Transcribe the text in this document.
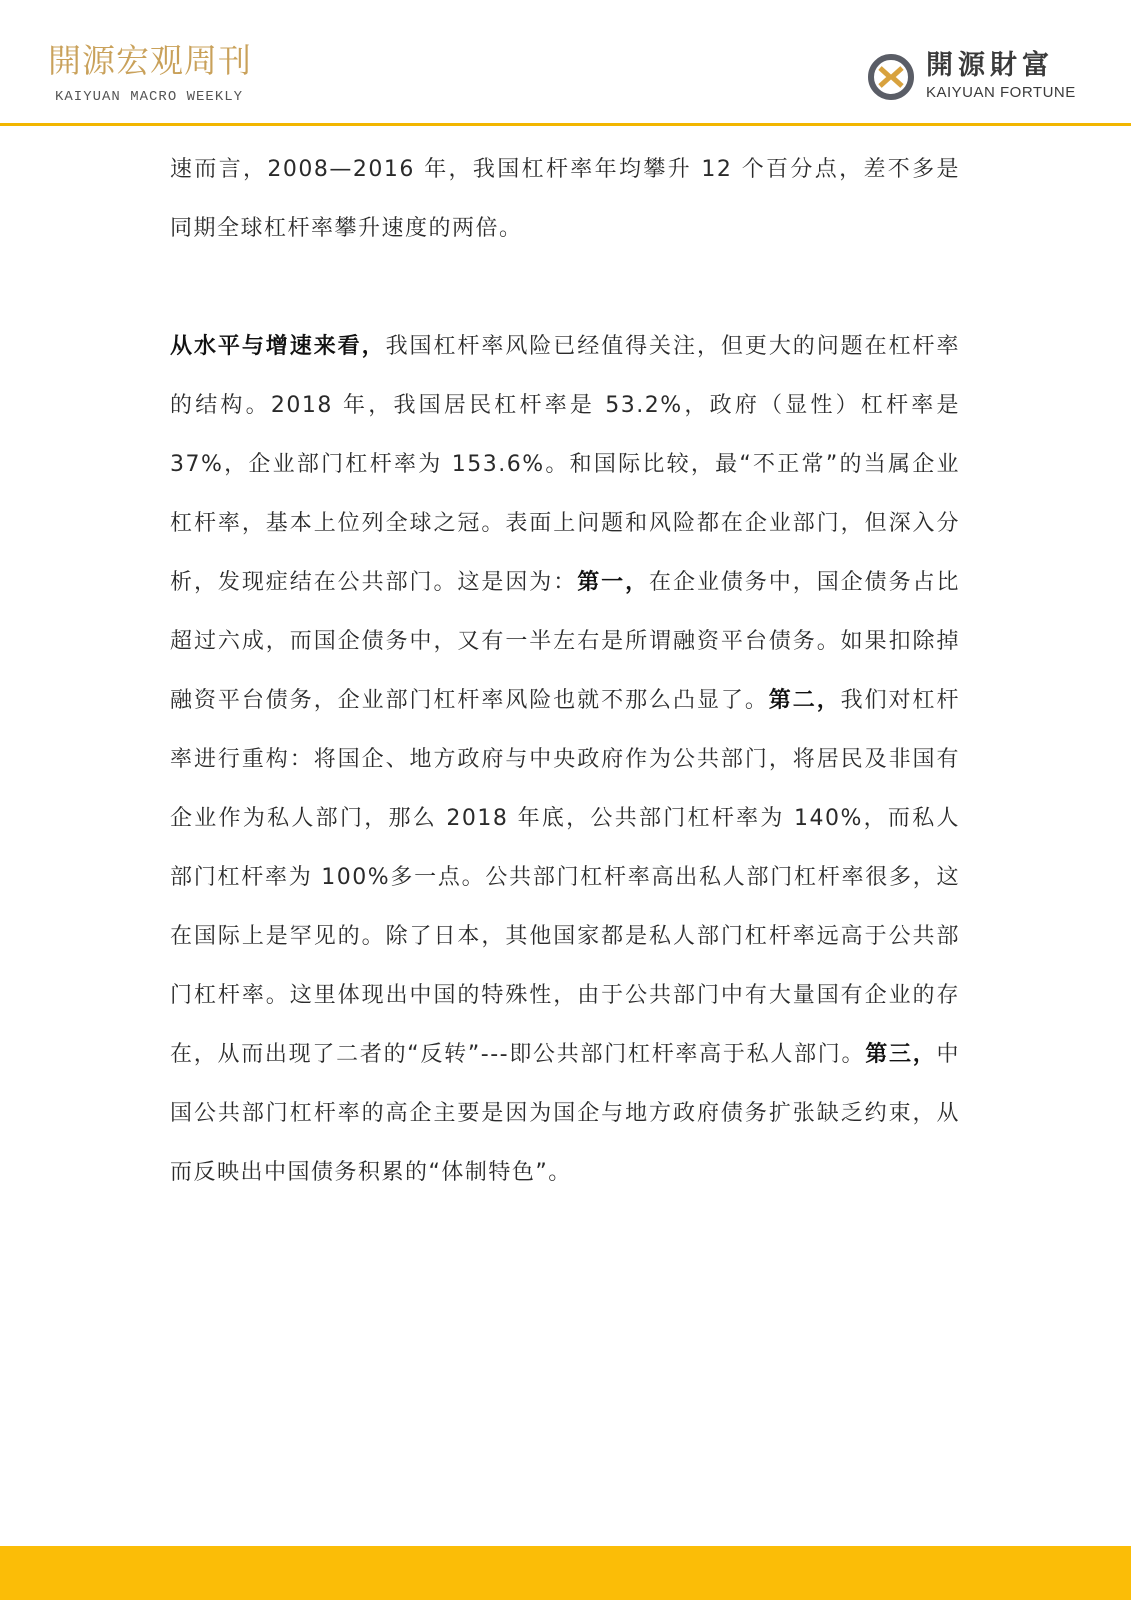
開源宏观周刊
KAIYUAN MACRO WEEKLY
開源財富
KAIYUAN FORTUNE

速而言，2008—2016 年，我国杠杆率年均攀升 12 个百分点，差不多是同期全球杠杆率攀升速度的两倍。

从水平与增速来看，我国杠杆率风险已经值得关注，但更大的问题在杠杆率的结构。2018 年，我国居民杠杆率是 53.2%，政府（显性）杠杆率是 37%，企业部门杠杆率为 153.6%。和国际比较，最“不正常”的当属企业杠杆率，基本上位列全球之冠。表面上问题和风险都在企业部门，但深入分析，发现症结在公共部门。这是因为：第一，在企业债务中，国企债务占比超过六成，而国企债务中，又有一半左右是所谓融资平台债务。如果扣除掉融资平台债务，企业部门杠杆率风险也就不那么凸显了。第二，我们对杠杆率进行重构：将国企、地方政府与中央政府作为公共部门，将居民及非国有企业作为私人部门，那么 2018 年底，公共部门杠杆率为 140%，而私人部门杠杆率为 100%多一点。公共部门杠杆率高出私人部门杠杆率很多，这在国际上是罕见的。除了日本，其他国家都是私人部门杠杆率远高于公共部门杠杆率。这里体现出中国的特殊性，由于公共部门中有大量国有企业的存在，从而出现了二者的“反转”---即公共部门杠杆率高于私人部门。第三，中国公共部门杠杆率的高企主要是因为国企与地方政府债务扩张缺乏约束，从而反映出中国债务积累的“体制特色”。
